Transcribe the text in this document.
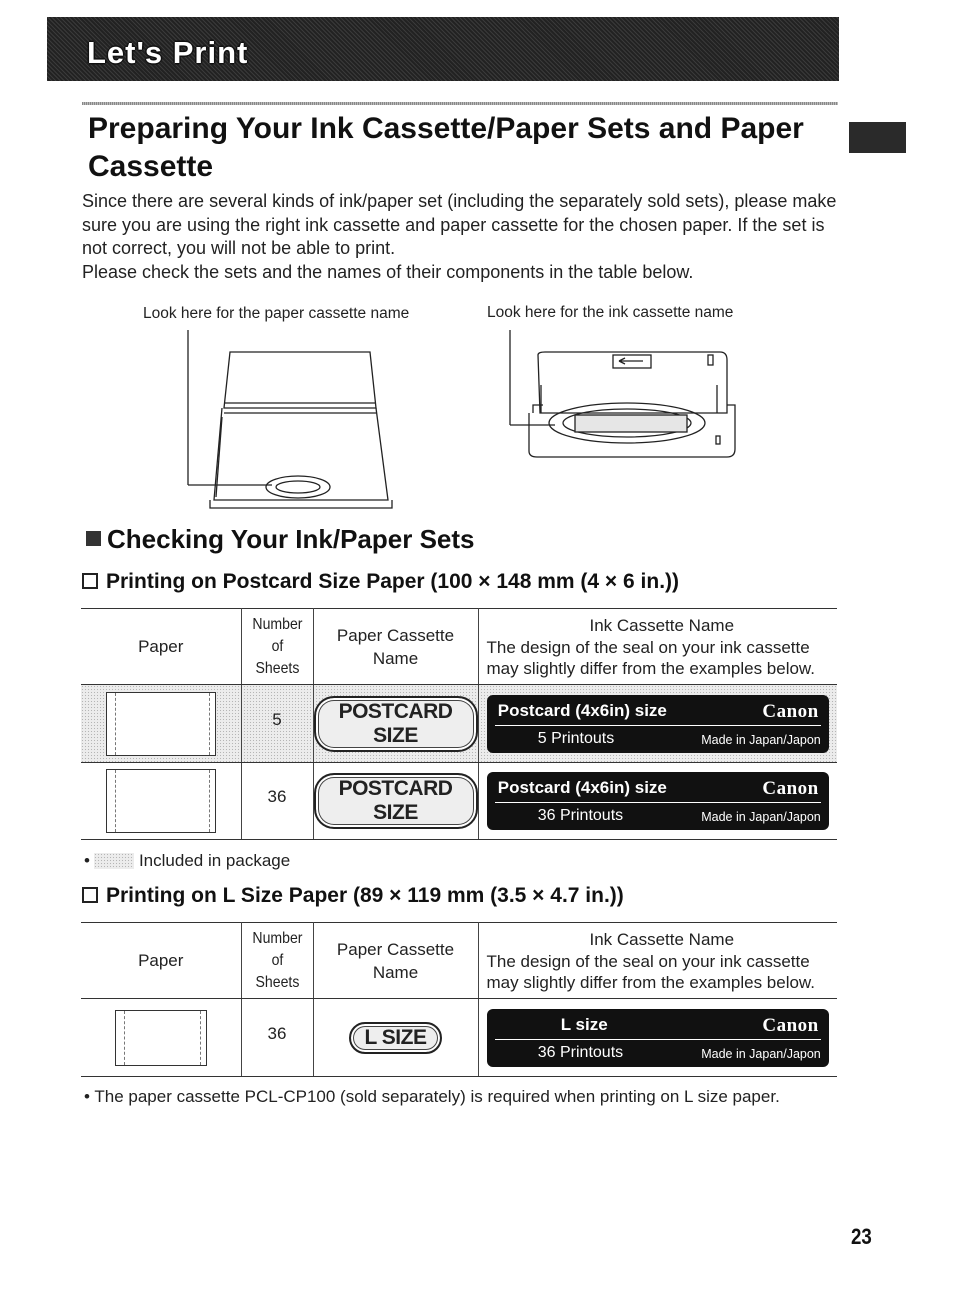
Let's Print
Preparing Your Ink Cassette/Paper Sets and Paper Cassette

Since there are several kinds of ink/paper set (including the separately sold sets), please make sure you are using the right ink cassette and paper cassette for the chosen paper. If the set is not correct, you will not be able to print.

Please check the sets and the names of their components in the table below.

Look here for the paper cassette name	Look here for the ink cassette name
Checking Your Ink/Paper Sets
Printing on Postcard Size Paper (100 × 148 mm (4 × 6 in.))
Paper	Number
of
Sheets	Paper Cassette
Name	Ink Cassette Name
The design of the seal on your ink cassette may slightly differ from the examples below.

	5	POSTCARD SIZE	Postcard (4x6in) size Canon
5 Printouts Made in Japan/Japon

	36	POSTCARD SIZE	Postcard (4x6in) size Canon
36 Printouts Made in Japan/Japon
•	Included in package
Printing on L Size Paper (89 × 119 mm (3.5 × 4.7 in.))
Paper	Number
of
Sheets	Paper Cassette
Name	Ink Cassette Name
The design of the seal on your ink cassette may slightly differ from the examples below.

	36	L SIZE	L size Canon
36 Printouts Made in Japan/Japon
• The paper cassette PCL-CP100 (sold separately) is required when printing on L size paper.
23
